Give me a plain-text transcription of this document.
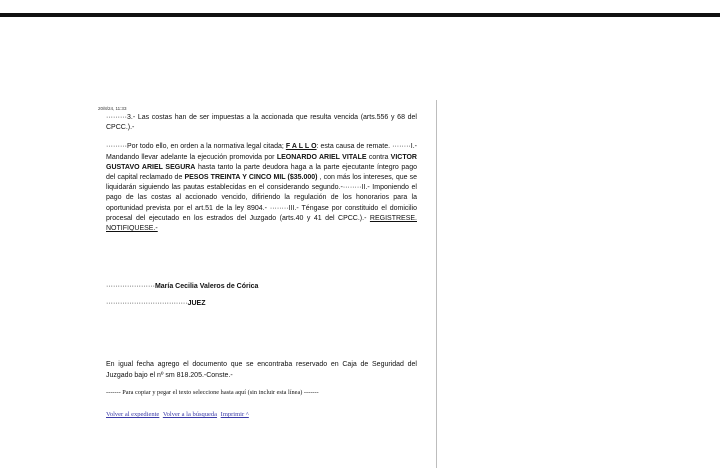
20/8/24, 11:33

·········3.- Las costas han de ser impuestas a la accionada que resulta vencida (arts.556 y 68 del CPCC.).-

·········Por todo ello, en orden a la normativa legal citada; F A L L O: esta causa de remate. ········I.- Mandando llevar adelante la ejecución promovida por LEONARDO ARIEL VITALE contra VICTOR GUSTAVO ARIEL SEGURA hasta tanto la parte deudora haga a la parte ejecutante íntegro pago del capital reclamado de PESOS TREINTA Y CINCO MIL ($35.000) , con más los intereses, que se liquidarán siguiendo las pautas establecidas en el considerando segundo.-········II.- Imponiendo el pago de las costas al accionado vencido, difiriendo la regulación de los honorarios para la oportunidad prevista por el art.51 de la ley 8904.- ········III.- Téngase por constituido el domicilio procesal del ejecutado en los estrados del Juzgado (arts.40 y 41 del CPCC.).- REGISTRESE. NOTIFIQUESE.-

·····················María Cecilia Valeros de Córica
···································JUEZ

En igual fecha agrego el documento que se encontraba reservado en Caja de Seguridad del Juzgado bajo el nº sm 818.205.-Conste.-

------- Para copiar y pegar el texto seleccione hasta aquí (sin incluir esta línea) -------
Volver al expediente Volver a la búsqueda Imprimir ^
